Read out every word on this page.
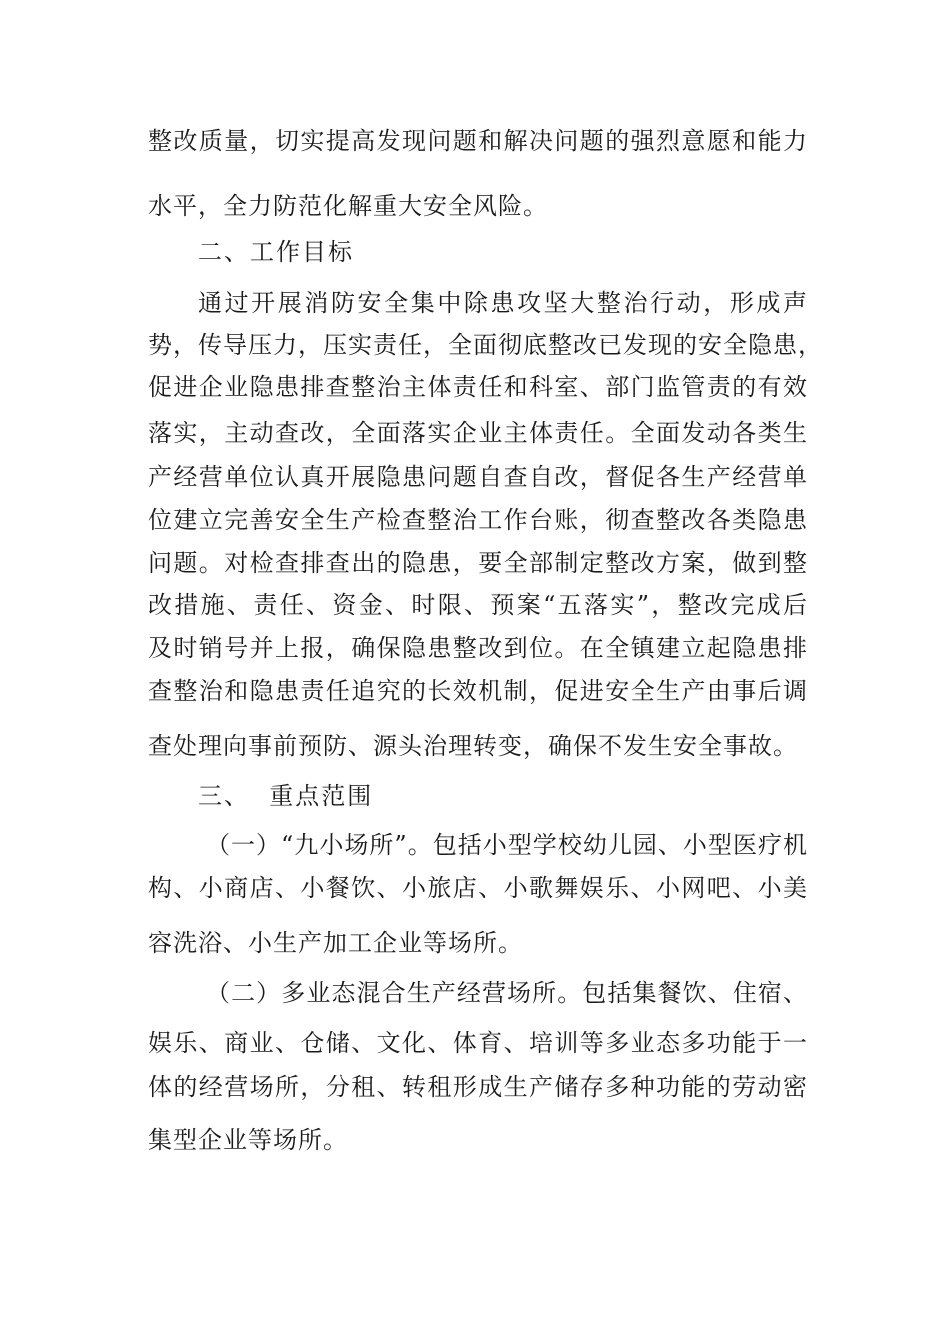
整改质量，切实提高发现问题和解决问题的强烈意愿和能力
水平，全力防范化解重大安全风险。
二、工作目标
通过开展消防安全集中除患攻坚大整治行动，形成声
势，传导压力，压实责任，全面彻底整改已发现的安全隐患，
促进企业隐患排查整治主体责任和科室、部门监管责的有效
落实，主动查改，全面落实企业主体责任。全面发动各类生
产经营单位认真开展隐患问题自查自改，督促各生产经营单
位建立完善安全生产检查整治工作台账，彻查整改各类隐患
问题。对检查排查出的隐患，要全部制定整改方案，做到整
改措施、责任、资金、时限、预案“五落实”，整改完成后
及时销号并上报，确保隐患整改到位。在全镇建立起隐患排
查整治和隐患责任追究的长效机制，促进安全生产由事后调
查处理向事前预防、源头治理转变，确保不发生安全事故。
三、  重点范围
（一）“九小场所”。包括小型学校幼儿园、小型医疗机
构、小商店、小餐饮、小旅店、小歌舞娱乐、小网吧、小美
容洗浴、小生产加工企业等场所。
（二）多业态混合生产经营场所。包括集餐饮、住宿、
娱乐、商业、仓储、文化、体育、培训等多业态多功能于一
体的经营场所，分租、转租形成生产储存多种功能的劳动密
集型企业等场所。
